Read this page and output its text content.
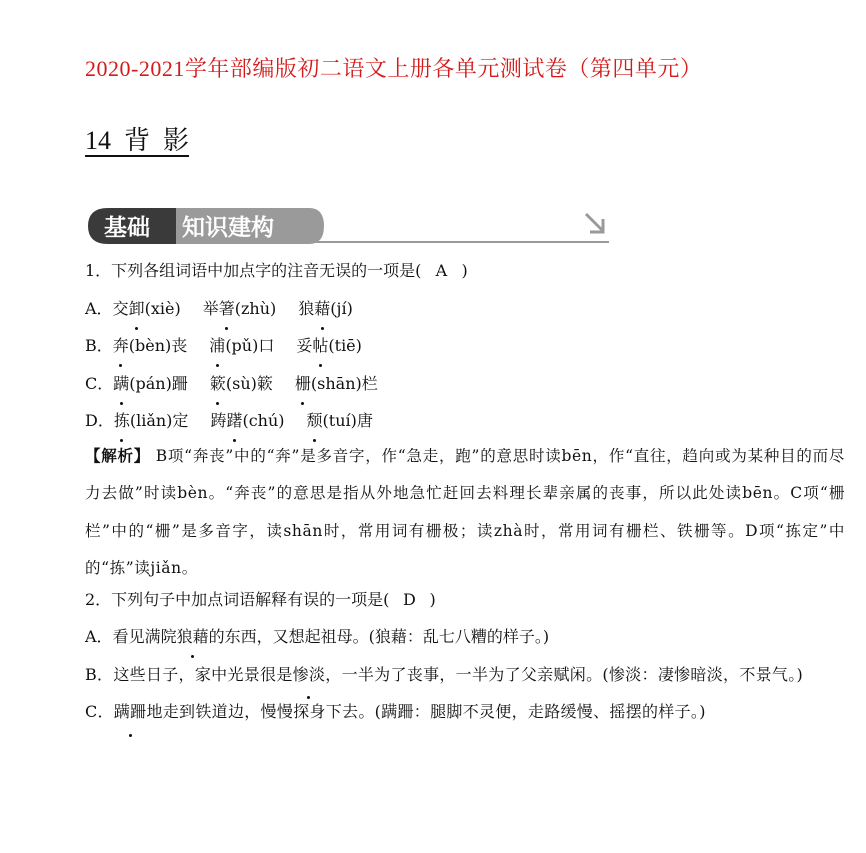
2020-2021学年部编版初二语文上册各单元测试卷（第四单元）
14 背  影
基础 知识建构
1．下列各组词语中加点字的注音无误的一项是( A )
A．交卸(xiè) 举箸(zhù) 狼藉(jí)
B．奔(bèn)丧 浦(pǔ)口 妥帖(tiē)
C．蹒(pán)跚 簌(sù)簌 栅(shān)栏
D．拣(liǎn)定 踌躇(chú) 颓(tuí)唐
【解析】 B项“奔丧”中的“奔”是多音字，作“急走，跑”的意思时读bēn，作“直往，趋向或为某种目的而尽力去做”时读bèn。“奔丧”的意思是指从外地急忙赶回去料理长辈亲属的丧事，所以此处读bēn。C项“栅栏”中的“栅”是多音字，读shān时，常用词有栅极；读zhà时，常用词有栅栏、铁栅等。D项“拣定”中的“拣”读jiǎn。
2．下列句子中加点词语解释有误的一项是( D )
A．看见满院狼藉的东西，又想起祖母。(狼藉：乱七八糟的样子。)
B．这些日子，家中光景很是惨淡，一半为了丧事，一半为了父亲赋闲。(惨淡：凄惨暗淡，不景气。)
C．蹒跚地走到铁道边，慢慢探身下去。(蹒跚：腿脚不灵便，走路缓慢、摇摆的样子。)
